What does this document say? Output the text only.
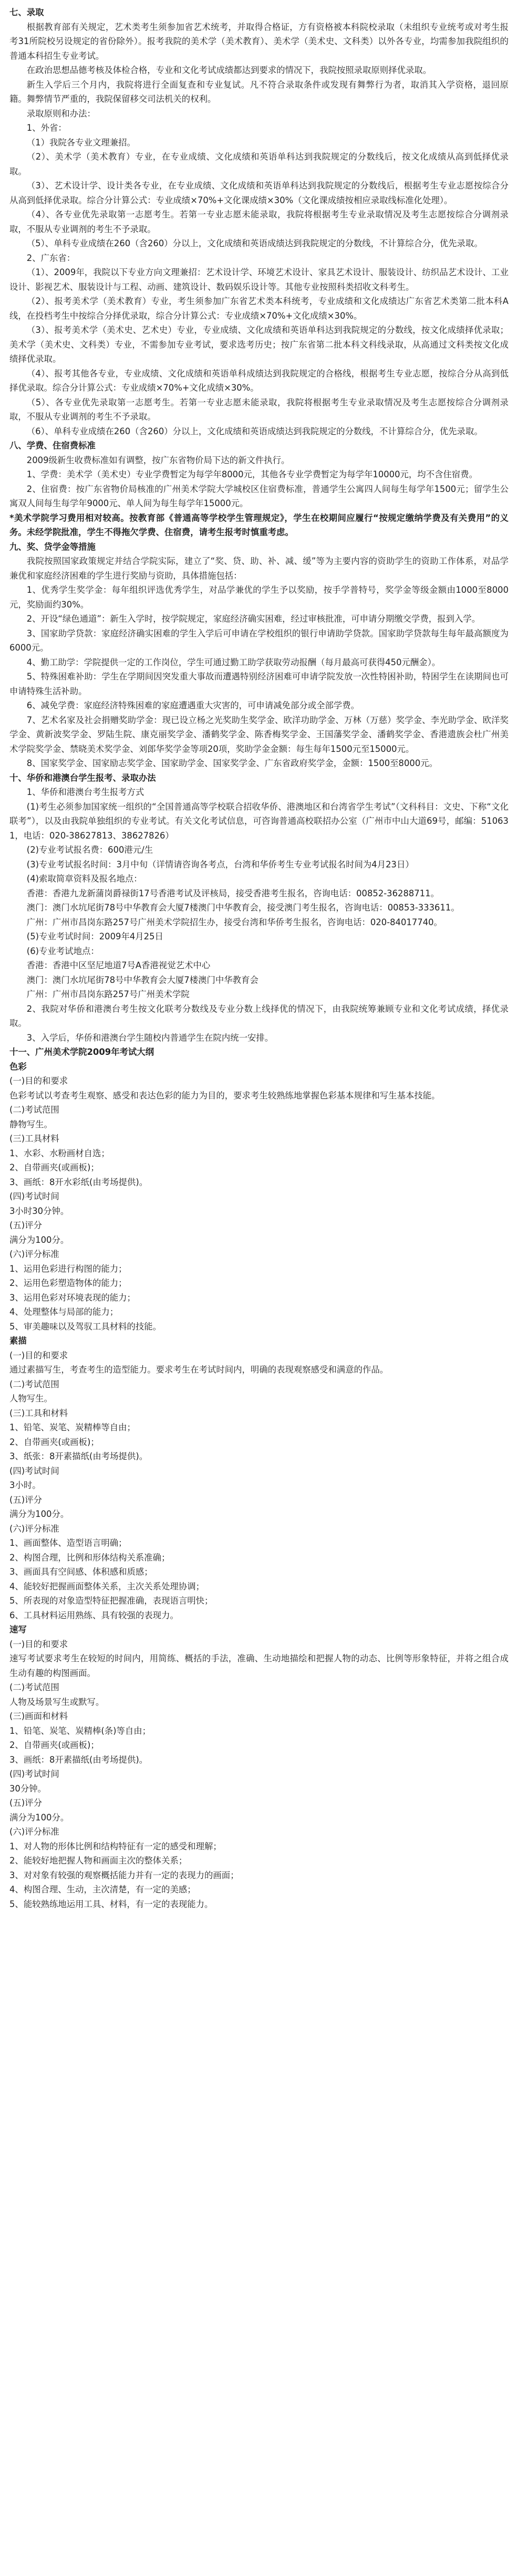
七、录取

根据教育部有关规定，艺术类考生须参加省艺术统考，并取得合格证，方有资格被本科院校录取（未组织专业统考或对考生报考31所院校另设规定的省份除外）。报考我院的美术学（美术教育）、美术学（美术史、文科类）以外各专业，均需参加我院组织的普通本科招生专业考试。

在政治思想品德考核及体检合格，专业和文化考试成绩都达到要求的情况下，我院按照录取原则择优录取。

新生入学后三个月内，我院将进行全面复查和专业复试。凡不符合录取条件或发现有舞弊行为者，取消其入学资格，退回原籍。舞弊情节严重的，我院保留移交司法机关的权利。

录取原则和办法：

1、外省：

（1）我院各专业文理兼招。

（2）、美术学（美术教育）专业，在专业成绩、文化成绩和英语单科达到我院规定的分数线后，按文化成绩从高到低择优录取。

（3）、艺术设计学、设计类各专业，在专业成绩、文化成绩和英语单科达到我院规定的分数线后，根据考生专业志愿按综合分从高到低择优录取。综合分计算公式：专业成绩×70%+文化课成绩×30%（文化课成绩按相应录取线标准化处理）。

（4）、各专业优先录取第一志愿考生。若第一专业志愿未能录取，我院将根据考生专业录取情况及考生志愿按综合分调剂录取，不服从专业调剂的考生不予录取。

（5）、单科专业成绩在260（含260）分以上，文化成绩和英语成绩达到我院规定的分数线，不计算综合分，优先录取。

2、广东省：

（1）、2009年，我院以下专业方向文理兼招：艺术设计学、环境艺术设计、家具艺术设计、服装设计、纺织品艺术设计、工业设计、影视艺术、服装设计与工程、动画、建筑设计、数码娱乐设计等。其他专业按照科类招收文科考生。

（2）、报考美术学（美术教育）专业，考生须参加广东省艺术类本科统考，专业成绩和文化成绩达广东省艺术类第二批本科A线，在投档考生中按综合分择优录取，综合分计算公式：专业成绩×70%+文化成绩×30%。

（3）、报考美术学（美术史、艺术史）专业，专业成绩、文化成绩和英语单科达到我院规定的分数线，按文化成绩择优录取；美术学（美术史、文科类）专业，不需参加专业考试，要求选考历史；按广东省第二批本科文科线录取，从高通过文科类按文化成绩择优录取。

（4）、报考其他各专业，专业成绩、文化成绩和英语单科成绩达到我院规定的合格线，根据考生专业志愿，按综合分从高到低择优录取。综合分计算公式：专业成绩×70%+文化成绩×30%。

（5）、各专业优先录取第一志愿考生。若第一专业志愿未能录取，我院将根据考生专业录取情况及考生志愿按综合分调剂录取，不服从专业调剂的考生不予录取。

（6）、单科专业成绩在260（含260）分以上，文化成绩和英语成绩达到我院规定的分数线，不计算综合分，优先录取。

八、学费、住宿费标准

2009级新生收费标准如有调整，按广东省物价局下达的新文件执行。

1、学费：美术学（美术史）专业学费暂定为每学年8000元，其他各专业学费暂定为每学年10000元，均不含住宿费。

2、住宿费：按广东省物价局核准的广州美术学院大学城校区住宿费标准，普通学生公寓四人间每生每学年1500元；留学生公寓双人间每生每学年9000元、单人间为每生每学年15000元。

*美术学院学习费用相对较高。按教育部《普通高等学校学生管理规定》，学生在校期间应履行“按规定缴纳学费及有关费用”的义务。未经学院批准，学生不得拖欠学费、住宿费，请考生报考时慎重考虑。

九、奖、贷学金等措施

我院按照国家政策规定并结合学院实际，建立了“奖、贷、助、补、减、缓”等为主要内容的资助学生的资助工作体系，对品学兼优和家庭经济困难的学生进行奖励与资助，具体措施包括：

1、优秀学生奖学金：每年组织评选优秀学生，对品学兼优的学生予以奖励，按手学普特号，奖学金等级金额由1000至8000元，奖励面约30%。

2、开设“绿色通道”：新生入学时，按学院规定，家庭经济确实困难，经过审核批准，可申请分期缴交学费，报到入学。

3、国家助学贷款：家庭经济确实困难的学生入学后可申请在学校组织的银行申请助学贷款。国家助学贷款每生每年最高额度为6000元。

4、勤工助学：学院提供一定的工作岗位，学生可通过勤工助学获取劳动报酬（每月最高可获得450元酬金）。

5、特殊困难补助：学生在学期间因突发重大事故而遭遇特别经济困难可申请学院发放一次性特困补助，特困学生在读期间也可申请特殊生活补助。

6、减免学费：家庭经济特殊困难的家庭遭遇重大灾害的，可申请减免部分或全部学费。

7、艺术名家及社会捐赠奖助学金：现已设立杨之光奖助生奖学金、欧洋功助学金、万林（万慈）奖学金、李光助学金、欧洋奖学金、黄新波奖学金、罗陆生院、康克丽奖学金、潘鹤奖学金、陈香梅奖学金、王国藩奖学金、潘鹤奖学金、香港遗族会杜广州美术学院奖学金、禁晓美术奖学金、刘郎华奖学金等项20项，奖助学金金额：每生每年1500元至15000元。

8、国家奖学金、国家励志奖学金、国家助学金、国家奖学金、广东省政府奖学金，金额：1500至8000元。

十、华侨和港澳台学生报考、录取办法

1、华侨和港澳台考生报考方式

(1)考生必须参加国家统一组织的“全国普通高等学校联合招收华侨、港澳地区和台湾省学生考试”（文科科目：文史、下称“文化联考”），以及由我院单独组织的专业考试。有关文化考试信息，可咨询普通高校联招办公室（广州市中山大道69号，邮编：510631，电话：020-38627813、38627826）

(2)专业考试报名费：600港元/生

(3)专业考试报名时间：3月中旬（详情请咨询各考点，台湾和华侨考生专业考试报名时间为4月23日）

(4)索取简章资料及报名地点：

香港：香港九龙新蒲岗爵禄街17号香港考试及评核局，接受香港考生报名，咨询电话：00852-36288711。

澳门：澳门水坑尾街78号中华教育会大厦7楼澳门中华教育会，接受澳门考生报名，咨询电话：00853-333611。

广州：广州市昌岗东路257号广州美术学院招生办，接受台湾和华侨考生报名，咨询电话：020-84017740。

(5)专业考试时间：2009年4月25日

(6)专业考试地点：

香港：香港中区坚尼地道7号A香港视觉艺术中心

澳门：澳门水坑尾街78号中华教育会大厦7楼澳门中华教育会

广州：广州市昌岗东路257号广州美术学院

2、我院对华侨和港澳台考生按文化联考分数线及专业分数上线择优的情况下，由我院统筹兼顾专业和文化考试成绩，择优录取。

3、入学后，华侨和港澳台学生随校内普通学生在院内统一安排。

十一、广州美术学院2009年考试大纲

色彩

(一)目的和要求

色彩考试以考查考生观察、感受和表达色彩的能力为目的，要求考生较熟练地掌握色彩基本规律和写生基本技能。

(二)考试范围

静物写生。

(三)工具材料

1、水彩、水粉画材自选；

2、自带画夹(或画板)；

3、画纸：8开水彩纸(由考场提供)。

(四)考试时间

3小时30分钟。

(五)评分

满分为100分。

(六)评分标准

1、运用色彩进行构图的能力；

2、运用色彩塑造物体的能力；

3、运用色彩对环境表现的能力；

4、处理整体与局部的能力；

5、审美趣味以及驾驭工具材料的技能。

素描

(一)目的和要求

通过素描写生，考查考生的造型能力。要求考生在考试时间内，明确的表现观察感受和满意的作品。

(二)考试范围

人物写生。

(三)工具和材料

1、铅笔、炭笔、炭精棒等自由；

2、自带画夹(或画板)；

3、纸张：8开素描纸(由考场提供)。

(四)考试时间

3小时。

(五)评分

满分为100分。

(六)评分标准

1、画面整体、造型语言明确；

2、构图合理，比例和形体结构关系准确；

3、画面具有空间感、体积感和质感；

4、能较好把握画面整体关系，主次关系处理协调；

5、所表现的对象造型特征把握准确，表现语言明快；

6、工具材料运用熟练、具有较强的表现力。

速写

(一)目的和要求

速写考试要求考生在较短的时间内，用简练、概括的手法，准确、生动地描绘和把握人物的动态、比例等形象特征，并将之组合成生动有趣的构图画面。

(二)考试范围

人物及场景写生或默写。

(三)画面和材料

1、铅笔、炭笔、炭精棒(条)等自由；

2、自带画夹(或画板)；

3、画纸：8开素描纸(由考场提供)。

(四)考试时间

30分钟。

(五)评分

满分为100分。

(六)评分标准

1、对人物的形体比例和结构特征有一定的感受和理解；

2、能较好地把握人物和画面主次的整体关系；

3、对对象有较强的观察概括能力并有一定的表现力的画面；

4、构图合理、生动，主次清楚，有一定的美感；

5、能较熟练地运用工具、材料，有一定的表现能力。
